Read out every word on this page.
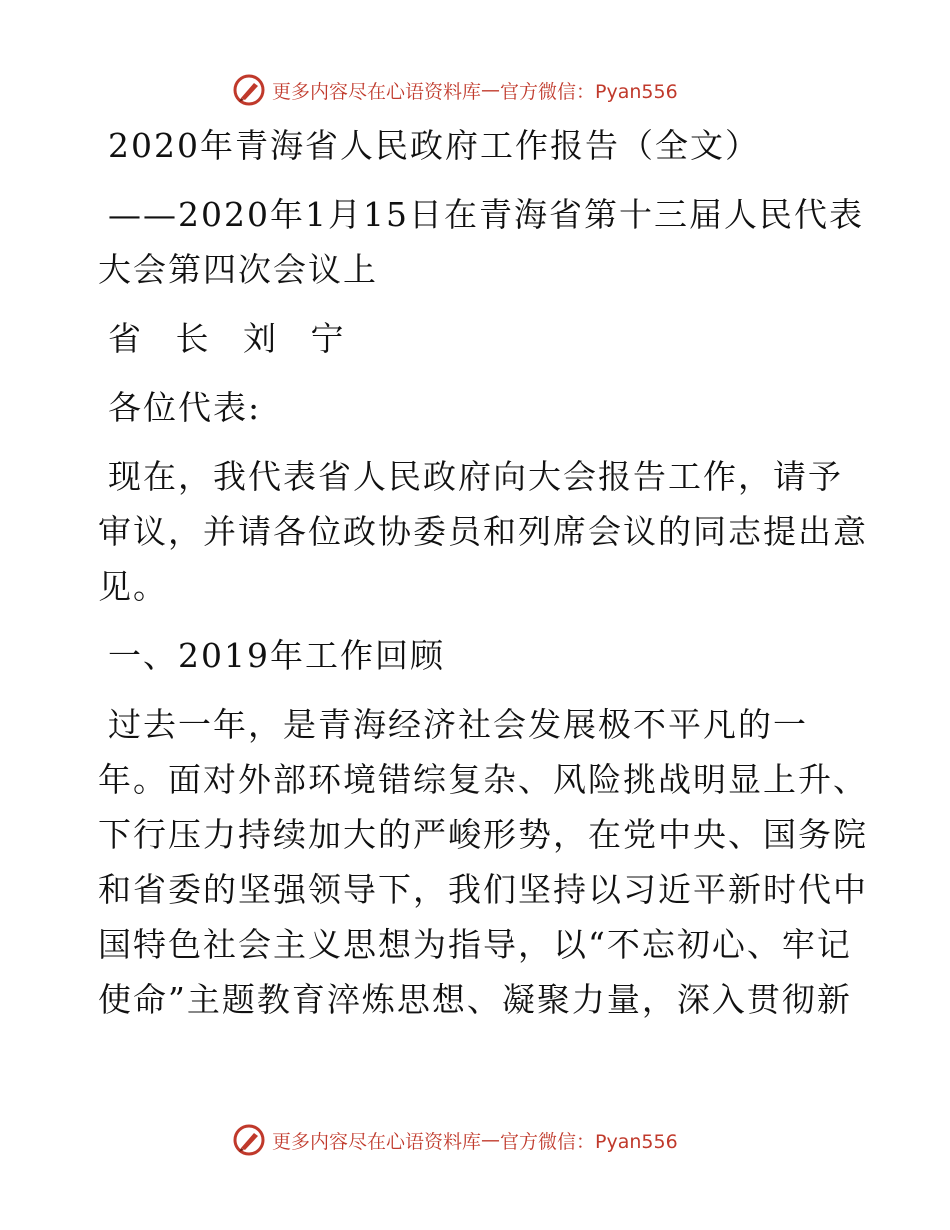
更多内容尽在心语资料库 — 官方微信：Pyan556

2020年青海省人民政府工作报告（全文）

——2020年1月15日在青海省第十三届人民代表

大会第四次会议上

省 长 刘 宁

各位代表:

现在，我代表省人民政府向大会报告工作，请予

审议，并请各位政协委员和列席会议的同志提出意

见。

一、2019年工作回顾

过去一年，是青海经济社会发展极不平凡的一

年。面对外部环境错综复杂、风险挑战明显上升、

下行压力持续加大的严峻形势，在党中央、国务院

和省委的坚强领导下，我们坚持以习近平新时代中

国特色社会主义思想为指导，以“不忘初心、牢记

使命”主题教育淬炼思想、凝聚力量，深入贯彻新

更多内容尽在心语资料库 — 官方微信：Pyan556
